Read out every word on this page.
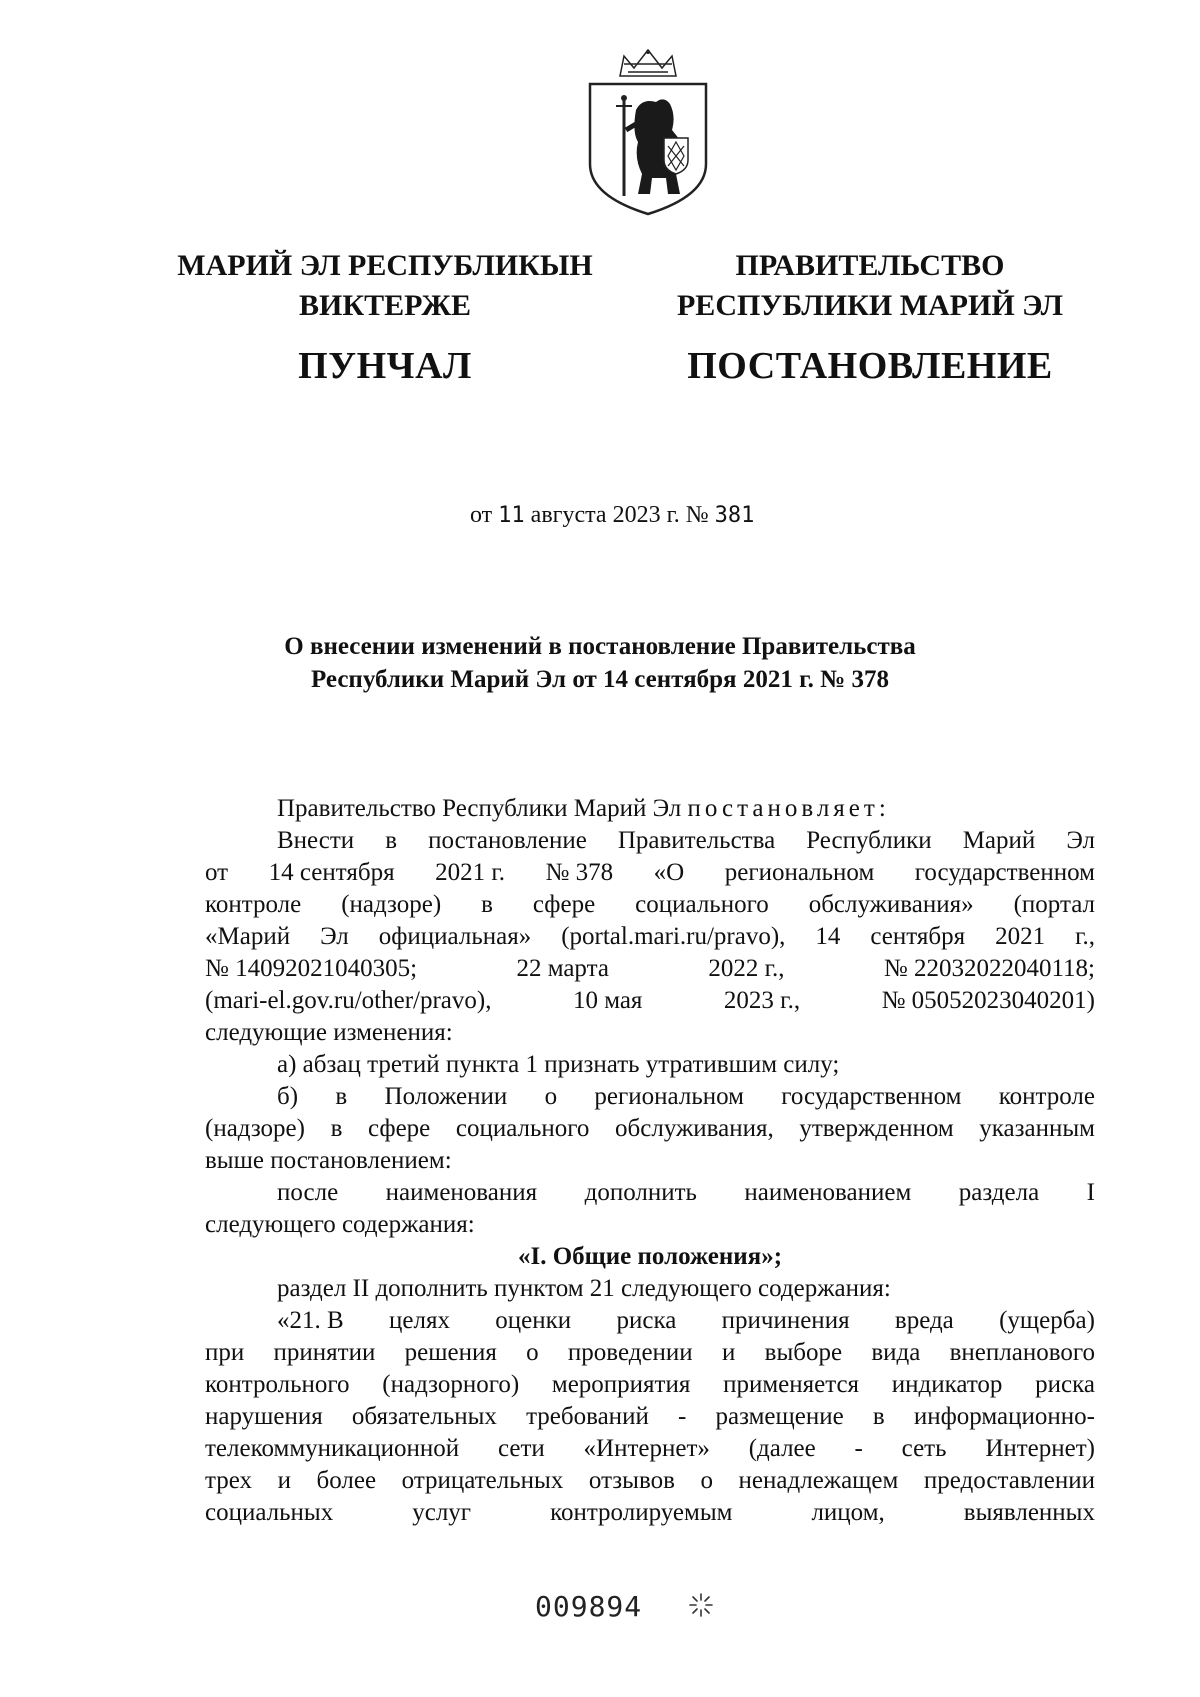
МАРИЙ ЭЛ РЕСПУБЛИКЫН
ВИКТЕРЖЕ
ПУНЧАЛ
ПРАВИТЕЛЬСТВО
РЕСПУБЛИКИ МАРИЙ ЭЛ
ПОСТАНОВЛЕНИЕ
от 11 августа 2023 г. № 381
О внесении изменений в постановление Правительства
Республики Марий Эл от 14 сентября 2021 г. № 378

Правительство Республики Марий Эл постановляет:

Внести в постановление Правительства Республики Марий Эл

от 14 сентября 2021 г. № 378 «О региональном государственном

контроле (надзоре) в сфере социального обслуживания» (портал

«Марий Эл официальная» (portal.mari.ru/pravo), 14 сентября 2021 г.,

№ 14092021040305;	22 марта	2022 г.,	№ 22032022040118;
(mari-el.gov.ru/other/pravo),	10 мая	2023 г.,	№ 05052023040201)

следующие изменения:

а) абзац третий пункта 1 признать утратившим силу;

б) в Положении о региональном государственном контроле

(надзоре) в сфере социального обслуживания, утвержденном указанным

выше постановлением:

после наименования дополнить наименованием раздела I

следующего содержания:

«I. Общие положения»;

раздел II дополнить пунктом 21 следующего содержания:

«21. В целях оценки риска причинения вреда (ущерба)

при принятии решения о проведении и выборе вида внепланового

контрольного (надзорного) мероприятия применяется индикатор риска

нарушения обязательных требований - размещение в информационно-

телекоммуникационной сети «Интернет» (далее - сеть Интернет)

трех и более отрицательных отзывов о ненадлежащем предоставлении

социальных	услуг	контролируемым	лицом,	выявленных
009894
